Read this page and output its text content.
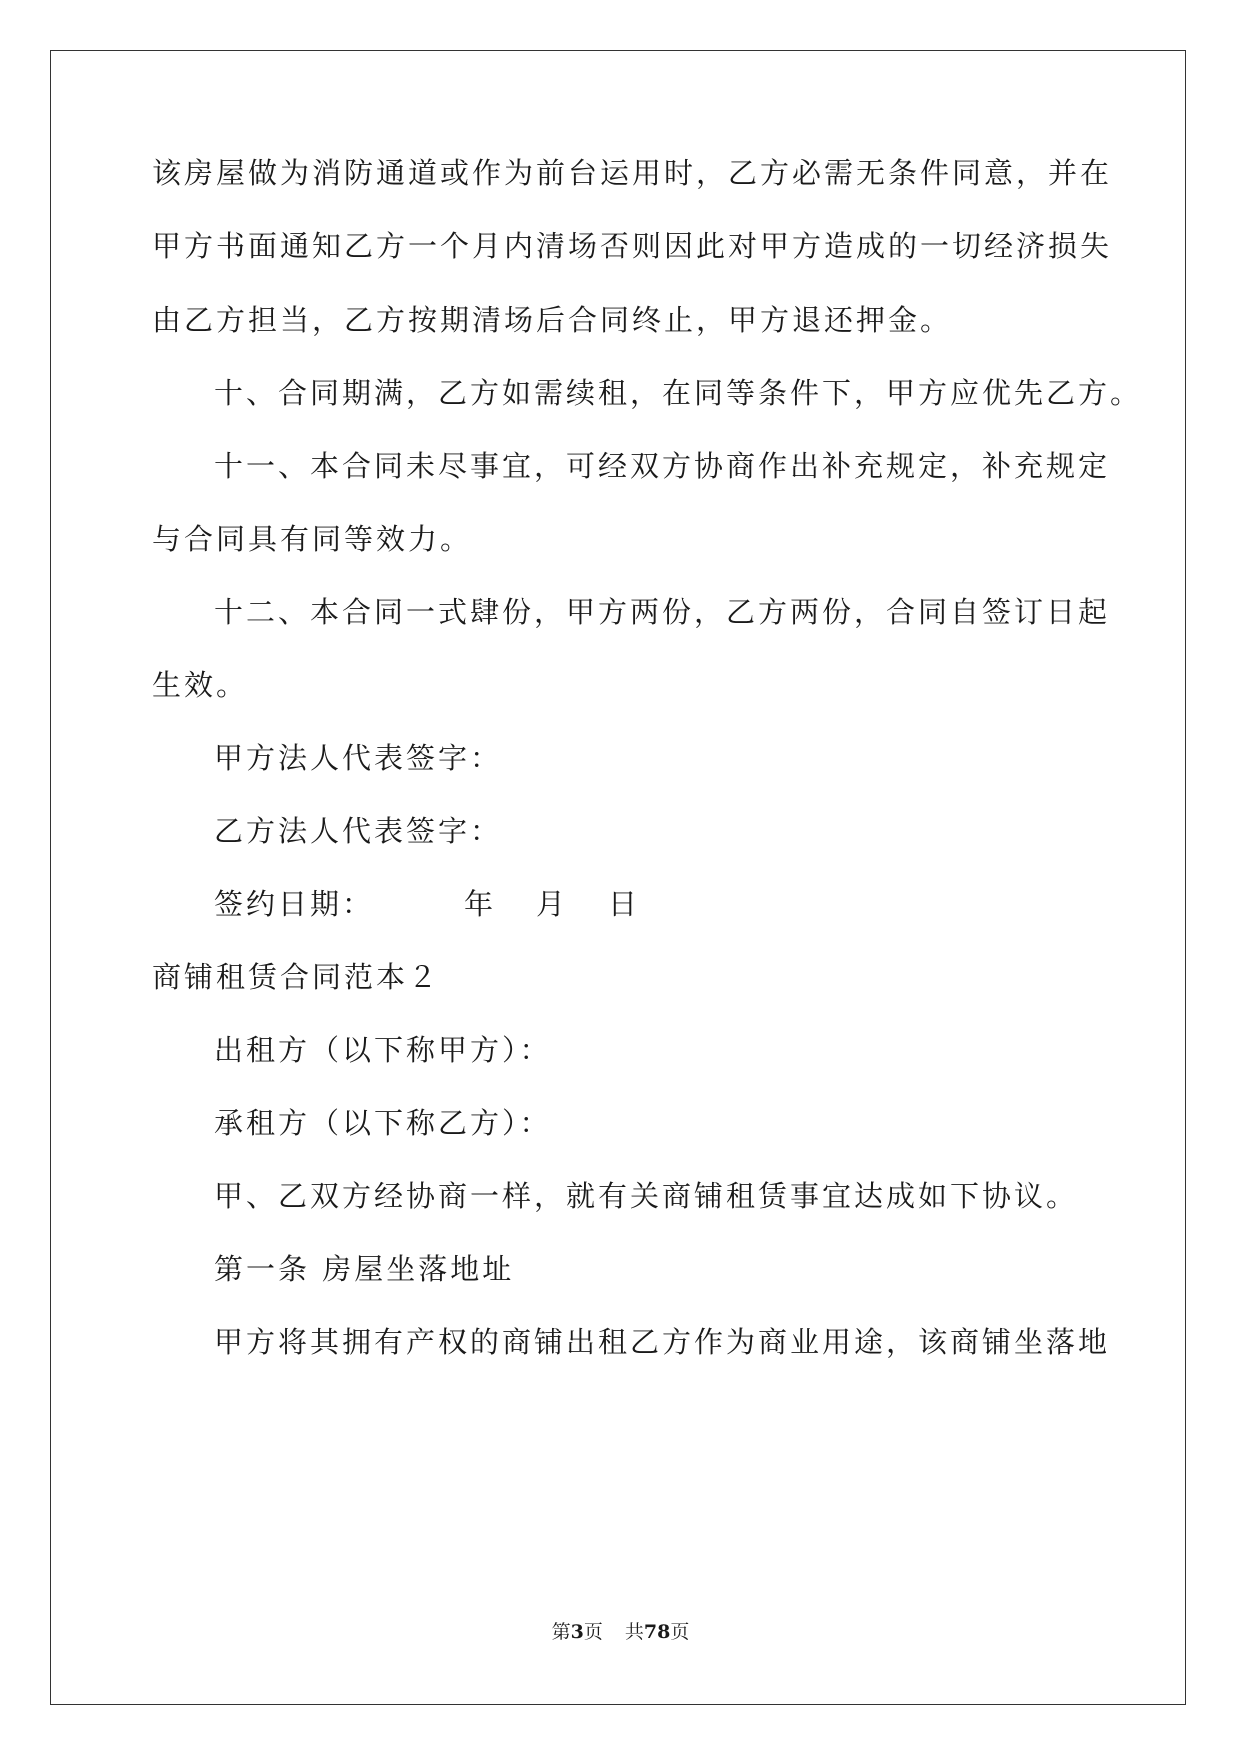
该房屋做为消防通道或作为前台运用时，乙方必需无条件同意，并在
甲方书面通知乙方一个月内清场否则因此对甲方造成的一切经济损失
由乙方担当，乙方按期清场后合同终止，甲方退还押金。
十、合同期满，乙方如需续租，在同等条件下，甲方应优先乙方。
十一、本合同未尽事宜，可经双方协商作出补充规定，补充规定
与合同具有同等效力。
十二、本合同一式肆份，甲方两份，乙方两份，合同自签订日起
生效。
甲方法人代表签字：
乙方法人代表签字：
签约日期：	年 月 日
商铺租赁合同范本２
出租方（以下称甲方）：
承租方（以下称乙方）：
甲、乙双方经协商一样，就有关商铺租赁事宜达成如下协议。
第一条 房屋坐落地址
甲方将其拥有产权的商铺出租乙方作为商业用途，该商铺坐落地
第3页 共78页
